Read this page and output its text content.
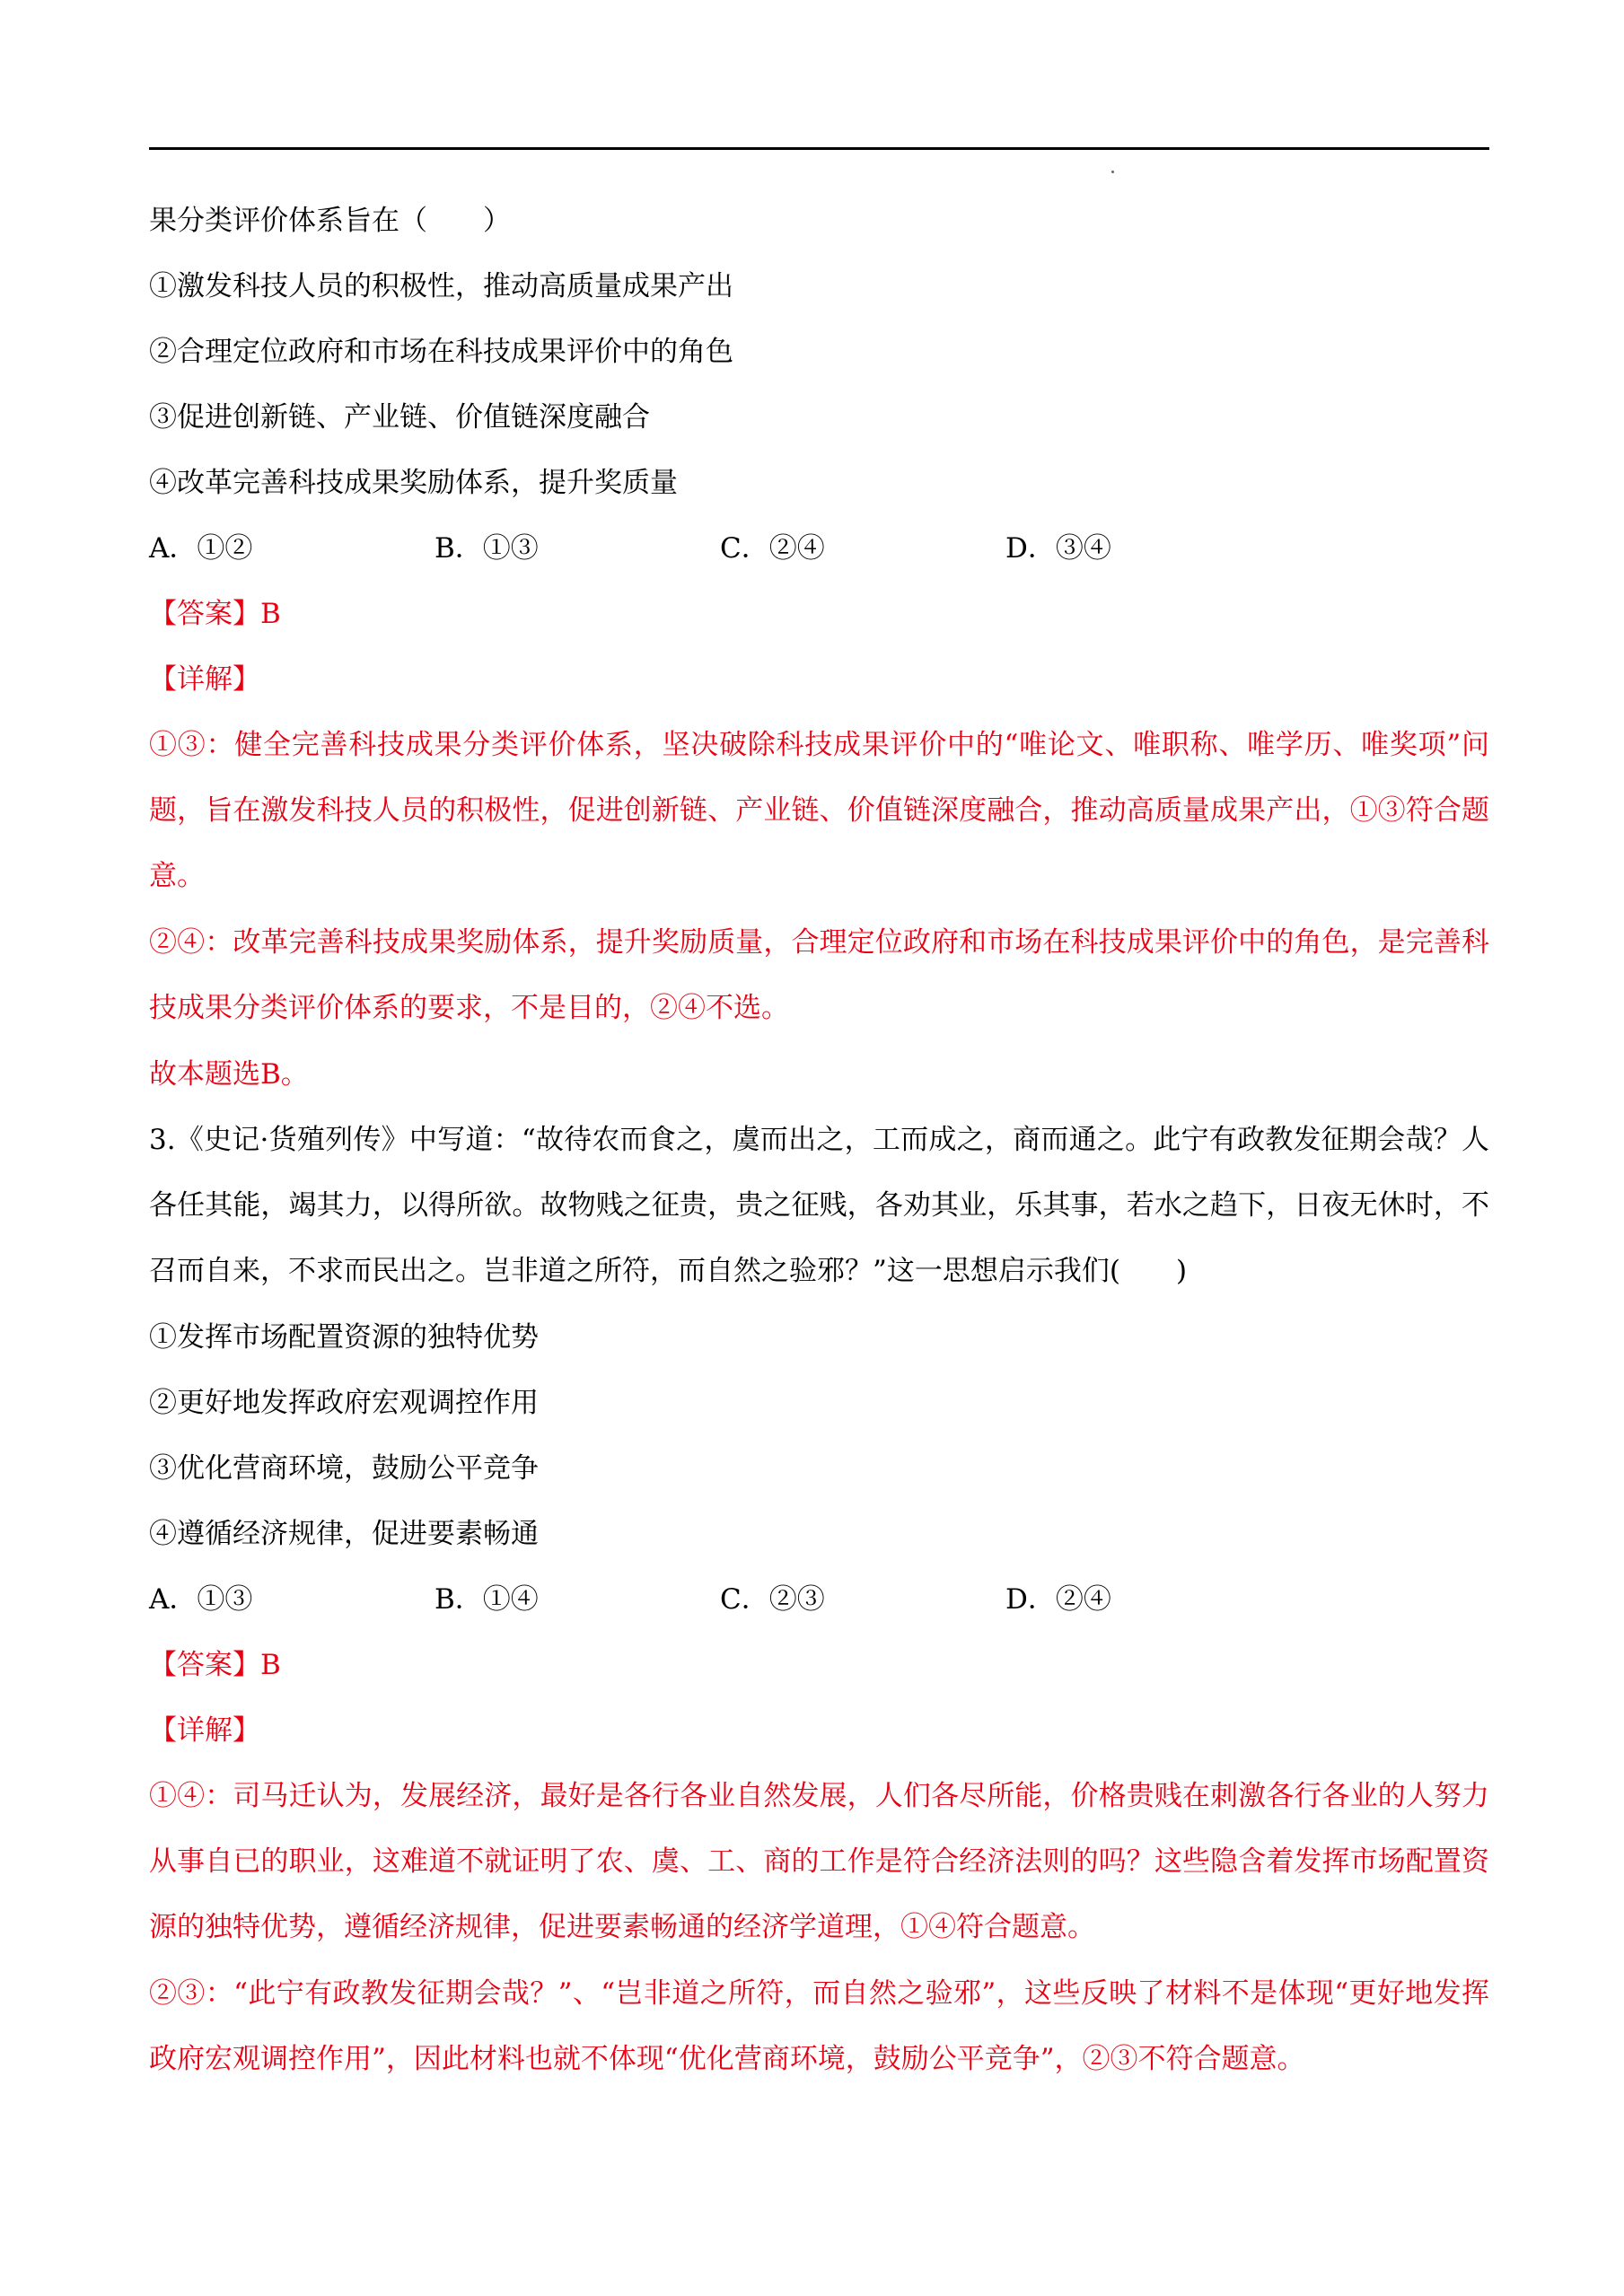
果分类评价体系旨在（　　）
①激发科技人员的积极性，推动高质量成果产出
②合理定位政府和市场在科技成果评价中的角色
③促进创新链、产业链、价值链深度融合
④改革完善科技成果奖励体系，提升奖质量
A．①②	B．①③	C．②④	D．③④
【答案】B
【详解】
①③：健全完善科技成果分类评价体系，坚决破除科技成果评价中的“唯论文、唯职称、唯学历、唯奖项”问题，旨在激发科技人员的积极性，促进创新链、产业链、价值链深度融合，推动高质量成果产出，①③符合题意。
②④：改革完善科技成果奖励体系，提升奖励质量，合理定位政府和市场在科技成果评价中的角色，是完善科技成果分类评价体系的要求，不是目的，②④不选。
故本题选B。
3.《史记·货殖列传》中写道：“故待农而食之，虞而出之，工而成之，商而通之。此宁有政教发征期会哉？人各任其能，竭其力，以得所欲。故物贱之征贵，贵之征贱，各劝其业，乐其事，若水之趋下，日夜无休时，不召而自来，不求而民出之。岂非道之所符，而自然之验邪？”这一思想启示我们(　　)
①发挥市场配置资源的独特优势
②更好地发挥政府宏观调控作用
③优化营商环境，鼓励公平竞争
④遵循经济规律，促进要素畅通
A．①③	B．①④	C．②③	D．②④
【答案】B
【详解】
①④：司马迁认为，发展经济，最好是各行各业自然发展，人们各尽所能，价格贵贱在刺激各行各业的人努力从事自已的职业，这难道不就证明了农、虞、工、商的工作是符合经济法则的吗？这些隐含着发挥市场配置资源的独特优势，遵循经济规律，促进要素畅通的经济学道理，①④符合题意。
②③：“此宁有政教发征期会哉？”、“岂非道之所符，而自然之验邪”，这些反映了材料不是体现“更好地发挥政府宏观调控作用”，因此材料也就不体现“优化营商环境，鼓励公平竞争”，②③不符合题意。
